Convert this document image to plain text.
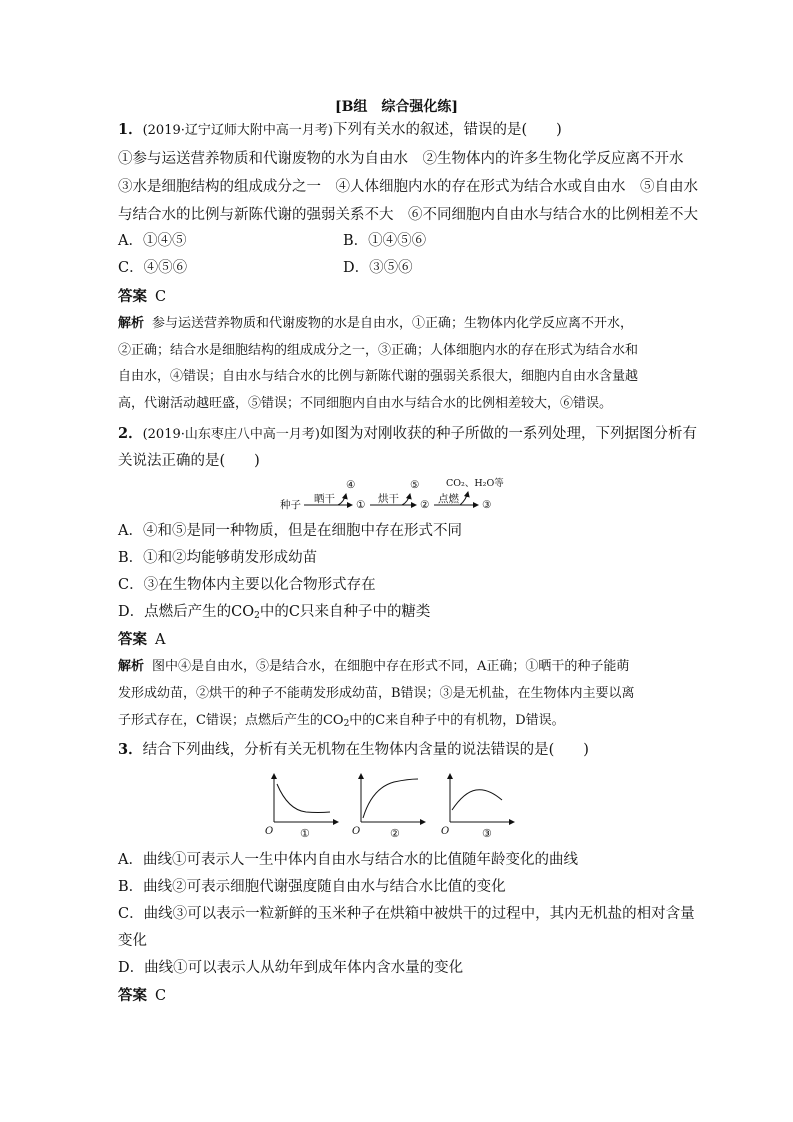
[B组　综合强化练]
1．(2019·辽宁辽师大附中高一月考)下列有关水的叙述，错误的是(　　)
①参与运送营养物质和代谢废物的水为自由水　②生物体内的许多生物化学反应离不开水
③水是细胞结构的组成成分之一　④人体细胞内水的存在形式为结合水或自由水　⑤自由水
与结合水的比例与新陈代谢的强弱关系不大　⑥不同细胞内自由水与结合水的比例相差不大
A．①④⑤	B．①④⑤⑥
C．④⑤⑥	D．③⑤⑥
答案 C
解析 参与运送营养物质和代谢废物的水是自由水，①正确；生物体内化学反应离不开水，
②正确；结合水是细胞结构的组成成分之一，③正确；人体细胞内水的存在形式为结合水和
自由水，④错误；自由水与结合水的比例与新陈代谢的强弱关系很大，细胞内自由水含量越
高，代谢活动越旺盛，⑤错误；不同细胞内自由水与结合水的比例相差较大，⑥错误。
2．(2019·山东枣庄八中高一月考)如图为对刚收获的种子所做的一系列处理，下列据图分析有
关说法正确的是(　　)
种子 晒干
④
① 烘干
⑤
② 点燃
CO₂、H₂O等
③
A．④和⑤是同一种物质，但是在细胞中存在形式不同
B．①和②均能够萌发形成幼苗
C．③在生物体内主要以化合物形式存在
D．点燃后产生的$CO_2$中的C只来自种子中的糖类
答案 A
解析 图中④是自由水，⑤是结合水，在细胞中存在形式不同，A正确；①晒干的种子能萌
发形成幼苗，②烘干的种子不能萌发形成幼苗，B错误；③是无机盐，在生物体内主要以离
子形式存在，C错误；点燃后产生的$CO_2$中的C来自种子中的有机物，D错误。
3．结合下列曲线，分析有关无机物在生物体内含量的说法错误的是(　　)
O	O	O
①	②	③
A．曲线①可表示人一生中体内自由水与结合水的比值随年龄变化的曲线
B．曲线②可表示细胞代谢强度随自由水与结合水比值的变化
C．曲线③可以表示一粒新鲜的玉米种子在烘箱中被烘干的过程中，其内无机盐的相对含量
变化
D．曲线①可以表示人从幼年到成年体内含水量的变化
答案 C
